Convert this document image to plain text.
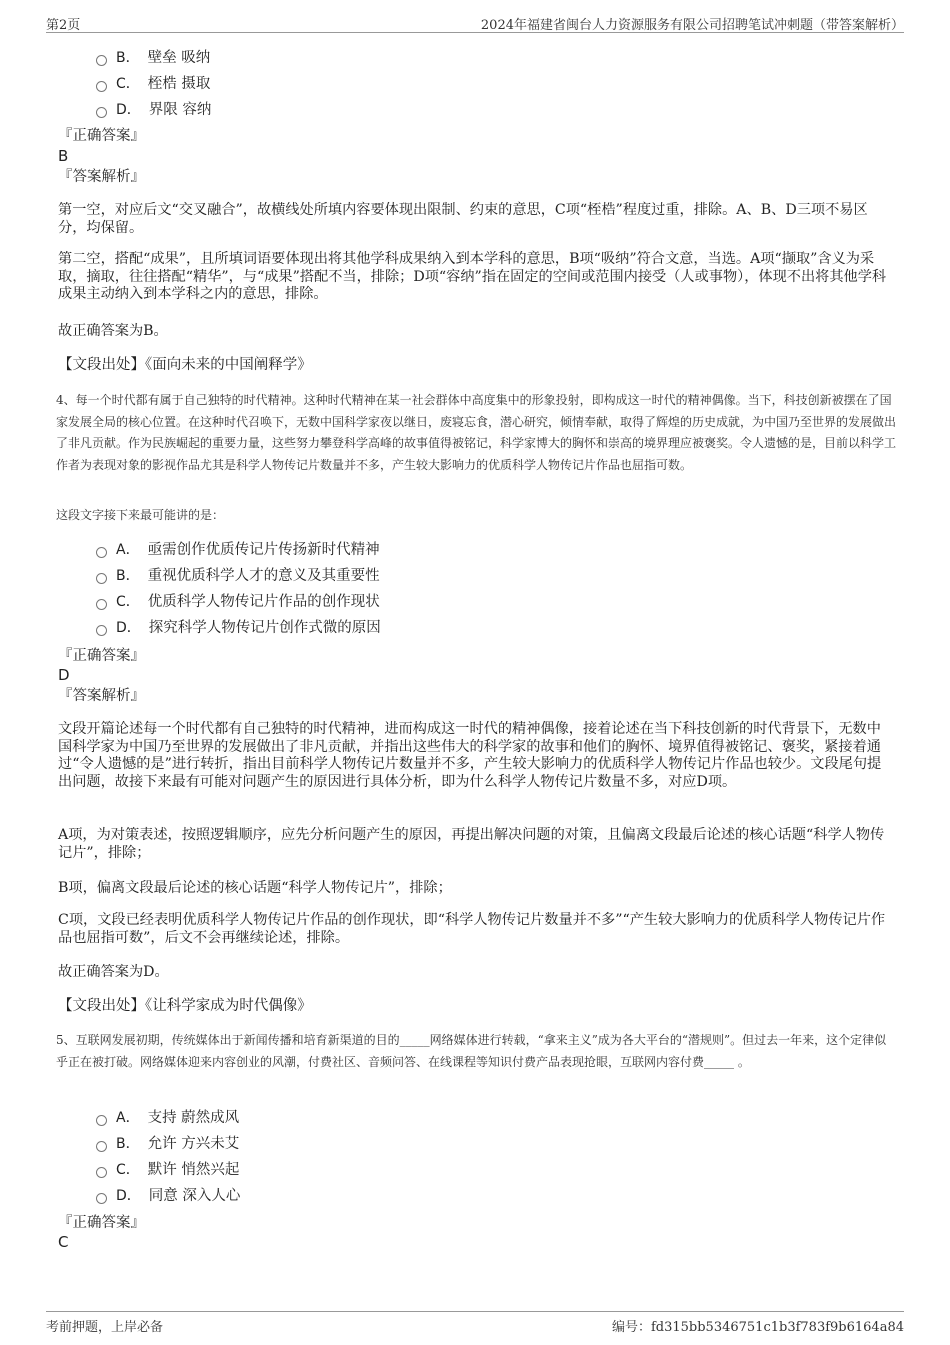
第2页	2024年福建省闽台人力资源服务有限公司招聘笔试冲刺题（带答案解析）
B． 壁垒 吸纳
C． 桎梏 摄取
D． 界限 容纳
『正确答案』
B
『答案解析』
第一空，对应后文“交叉融合”，故横线处所填内容要体现出限制、约束的意思，C项“桎梏”程度过重，排除。A、B、D三项不易区分，均保留。
第二空，搭配“成果”，且所填词语要体现出将其他学科成果纳入到本学科的意思，B项“吸纳”符合文意，当选。A项“撷取”含义为采取，摘取，往往搭配“精华”，与“成果”搭配不当，排除；D项“容纳”指在固定的空间或范围内接受（人或事物），体现不出将其他学科成果主动纳入到本学科之内的意思，排除。
故正确答案为B。
【文段出处】《面向未来的中国阐释学》
4、每一个时代都有属于自己独特的时代精神。这种时代精神在某一社会群体中高度集中的形象投射，即构成这一时代的精神偶像。当下，科技创新被摆在了国家发展全局的核心位置。在这种时代召唤下，无数中国科学家夜以继日，废寝忘食，潜心研究，倾情奉献，取得了辉煌的历史成就，为中国乃至世界的发展做出了非凡贡献。作为民族崛起的重要力量，这些努力攀登科学高峰的故事值得被铭记，科学家博大的胸怀和崇高的境界理应被褒奖。令人遗憾的是，目前以科学工作者为表现对象的影视作品尤其是科学人物传记片数量并不多，产生较大影响力的优质科学人物传记片作品也屈指可数。
这段文字接下来最可能讲的是：
A． 亟需创作优质传记片传扬新时代精神
B． 重视优质科学人才的意义及其重要性
C． 优质科学人物传记片作品的创作现状
D． 探究科学人物传记片创作式微的原因
『正确答案』
D
『答案解析』
文段开篇论述每一个时代都有自己独特的时代精神，进而构成这一时代的精神偶像，接着论述在当下科技创新的时代背景下，无数中国科学家为中国乃至世界的发展做出了非凡贡献，并指出这些伟大的科学家的故事和他们的胸怀、境界值得被铭记、褒奖，紧接着通过“令人遗憾的是”进行转折，指出目前科学人物传记片数量并不多，产生较大影响力的优质科学人物传记片作品也较少。文段尾句提出问题，故接下来最有可能对问题产生的原因进行具体分析，即为什么科学人物传记片数量不多，对应D项。
A项，为对策表述，按照逻辑顺序，应先分析问题产生的原因，再提出解决问题的对策，且偏离文段最后论述的核心话题“科学人物传记片”，排除；
B项，偏离文段最后论述的核心话题“科学人物传记片”，排除；
C项，文段已经表明优质科学人物传记片作品的创作现状，即“科学人物传记片数量并不多”“产生较大影响力的优质科学人物传记片作品也屈指可数”，后文不会再继续论述，排除。
故正确答案为D。
【文段出处】《让科学家成为时代偶像》
5、互联网发展初期，传统媒体出于新闻传播和培育新渠道的目的_____网络媒体进行转载，“拿来主义”成为各大平台的“潜规则”。但过去一年来，这个定律似乎正在被打破。网络媒体迎来内容创业的风潮，付费社区、音频问答、在线课程等知识付费产品表现抢眼，互联网内容付费_____ 。
A． 支持 蔚然成风
B． 允许 方兴未艾
C． 默许 悄然兴起
D． 同意 深入人心
『正确答案』
C
考前押题，上岸必备	编号：fd315bb5346751c1b3f783f9b6164a84
